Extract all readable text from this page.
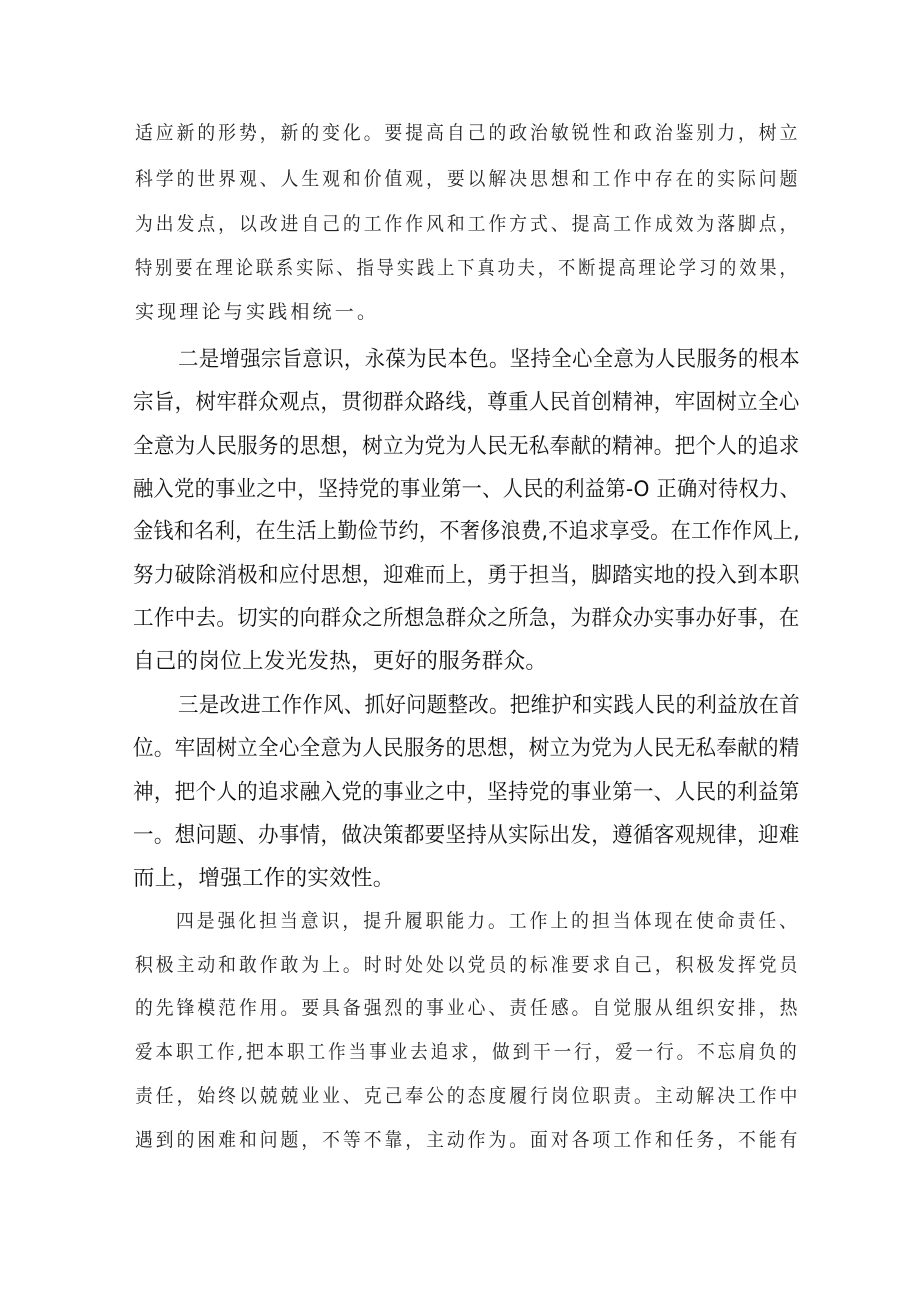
适应新的形势，新的变化。要提高自己的政治敏锐性和政治鉴别力，树立
科学的世界观、人生观和价值观，要以解决思想和工作中存在的实际问题
为出发点，以改进自己的工作作风和工作方式、提高工作成效为落脚点，
特别要在理论联系实际、指导实践上下真功夫，不断提高理论学习的效果，
实现理论与实践相统一。
二是增强宗旨意识，永葆为民本色。坚持全心全意为人民服务的根本
宗旨，树牢群众观点，贯彻群众路线，尊重人民首创精神，牢固树立全心
全意为人民服务的思想，树立为党为人民无私奉献的精神。把个人的追求
融入党的事业之中，坚持党的事业第一、人民的利益第-O 正确对待权力、
金钱和名利，在生活上勤俭节约，不奢侈浪费,不追求享受。在工作作风上,
努力破除消极和应付思想，迎难而上，勇于担当，脚踏实地的投入到本职
工作中去。切实的向群众之所想急群众之所急，为群众办实事办好事，在
自己的岗位上发光发热，更好的服务群众。
三是改进工作作风、抓好问题整改。把维护和实践人民的利益放在首
位。牢固树立全心全意为人民服务的思想，树立为党为人民无私奉献的精
神，把个人的追求融入党的事业之中，坚持党的事业第一、人民的利益第
一。想问题、办事情，做决策都要坚持从实际出发，遵循客观规律，迎难
而上，增强工作的实效性。
四是强化担当意识，提升履职能力。工作上的担当体现在使命责任、
积极主动和敢作敢为上。时时处处以党员的标准要求自己，积极发挥党员
的先锋模范作用。要具备强烈的事业心、责任感。自觉服从组织安排，热
爱本职工作,把本职工作当事业去追求，做到干一行，爱一行。不忘肩负的
责任，始终以兢兢业业、克己奉公的态度履行岗位职责。主动解决工作中
遇到的困难和问题，不等不靠，主动作为。面对各项工作和任务，不能有
